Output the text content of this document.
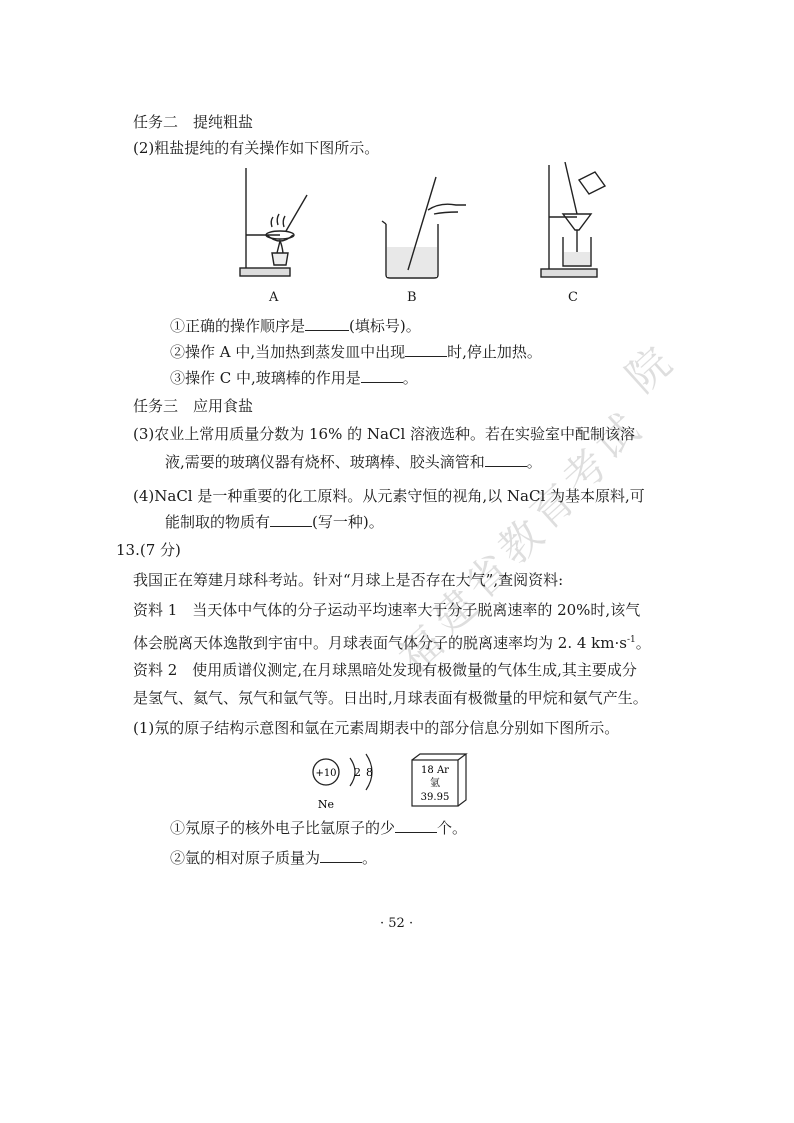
福
建
省
教
育
考
试
院
任务二　提纯粗盐
(2)粗盐提纯的有关操作如下图所示。
A	B	C
①正确的操作顺序是	(填标号)。
②操作 A 中,当加热到蒸发皿中出现	时,停止加热。
③操作 C 中,玻璃棒的作用是	。
任务三　应用食盐
(3)农业上常用质量分数为 16% 的 NaCl 溶液选种。若在实验室中配制该溶
液,需要的玻璃仪器有烧杯、玻璃棒、胶头滴管和	。
(4)NaCl 是一种重要的化工原料。从元素守恒的视角,以 NaCl 为基本原料,可
能制取的物质有	(写一种)。
13.(7 分)
我国正在筹建月球科考站。针对“月球上是否存在大气”,查阅资料:
资料 1　当天体中气体的分子运动平均速率大于分子脱离速率的 20%时,该气
体会脱离天体逸散到宇宙中。月球表面气体分子的脱离速率均为 2. 4 $km\cdot s^{-1}$。
资料 2　使用质谱仪测定,在月球黑暗处发现有极微量的气体生成,其主要成分
是氢气、氦气、氖气和氩气等。日出时,月球表面有极微量的甲烷和氨气产生。
(1)氖的原子结构示意图和氩在元素周期表中的部分信息分别如下图所示。
+10 2 8
Ne
18 Ar
氩
39.95
①氖原子的核外电子比氩原子的少	个。
②氩的相对原子质量为	。
· 52 ·
